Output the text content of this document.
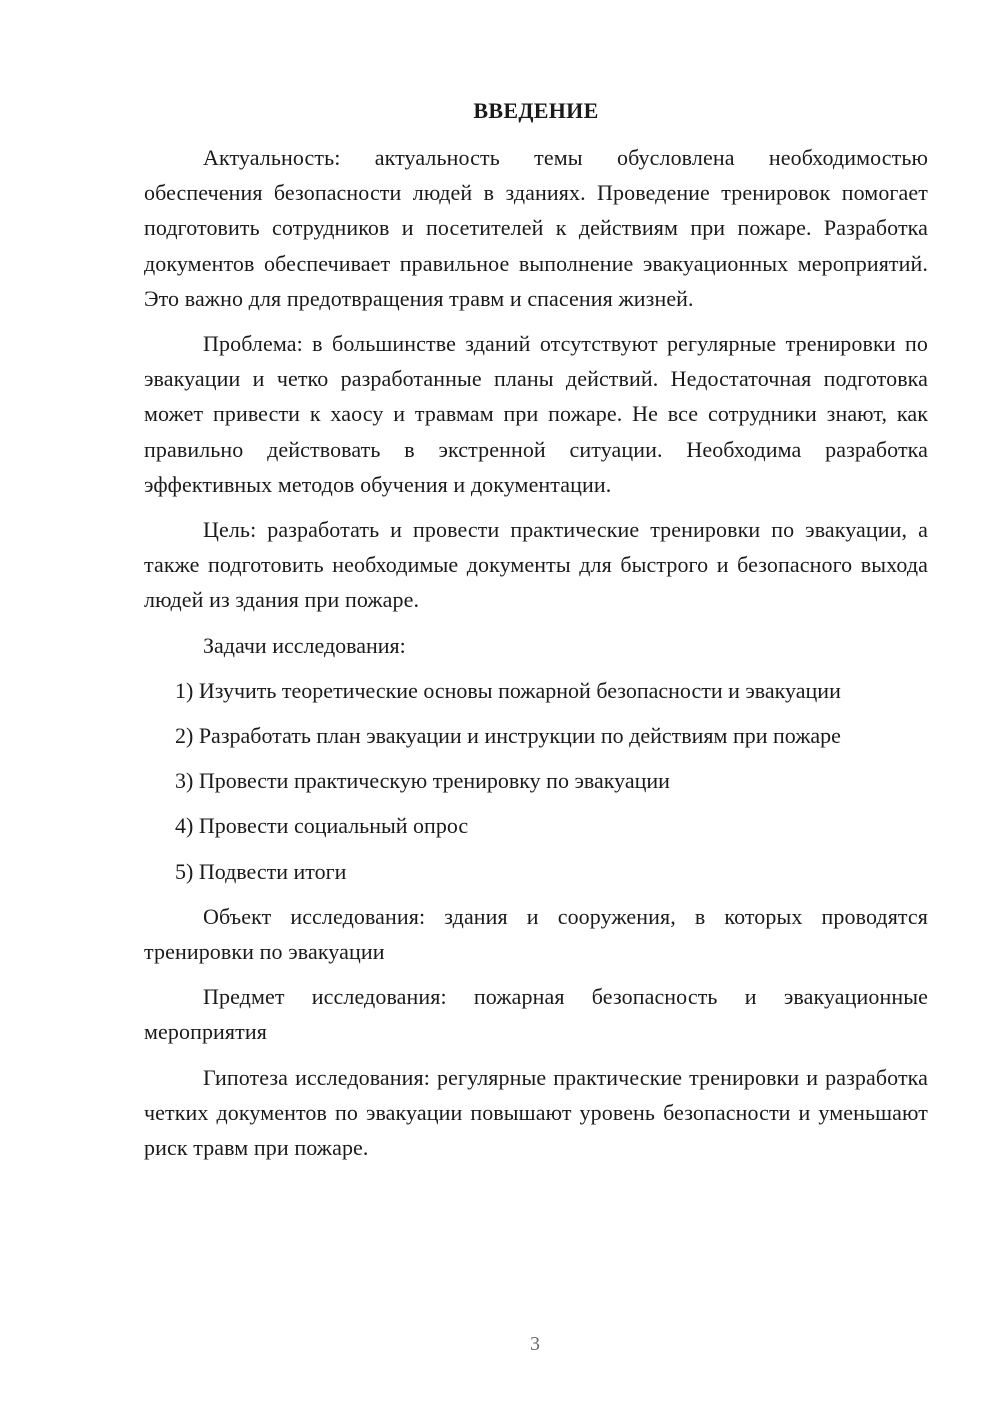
ВВЕДЕНИЕ

Актуальность: актуальность темы обусловлена необходимостью обеспечения безопасности людей в зданиях. Проведение тренировок помогает подготовить сотрудников и посетителей к действиям при пожаре. Разработка документов обеспечивает правильное выполнение эвакуационных мероприятий. Это важно для предотвращения травм и спасения жизней.

Проблема: в большинстве зданий отсутствуют регулярные тренировки по эвакуации и четко разработанные планы действий. Недостаточная подготовка может привести к хаосу и травмам при пожаре. Не все сотрудники знают, как правильно действовать в экстренной ситуации. Необходима разработка эффективных методов обучения и документации.

Цель: разработать и провести практические тренировки по эвакуации, а также подготовить необходимые документы для быстрого и безопасного выхода людей из здания при пожаре.

Задачи исследования:

1) Изучить теоретические основы пожарной безопасности и эвакуации

2) Разработать план эвакуации и инструкции по действиям при пожаре

3) Провести практическую тренировку по эвакуации

4) Провести социальный опрос

5) Подвести итоги

Объект исследования: здания и сооружения, в которых проводятся тренировки по эвакуации

Предмет исследования: пожарная безопасность и эвакуационные мероприятия

Гипотеза исследования: регулярные практические тренировки и разработка четких документов по эвакуации повышают уровень безопасности и уменьшают риск травм при пожаре.

3
